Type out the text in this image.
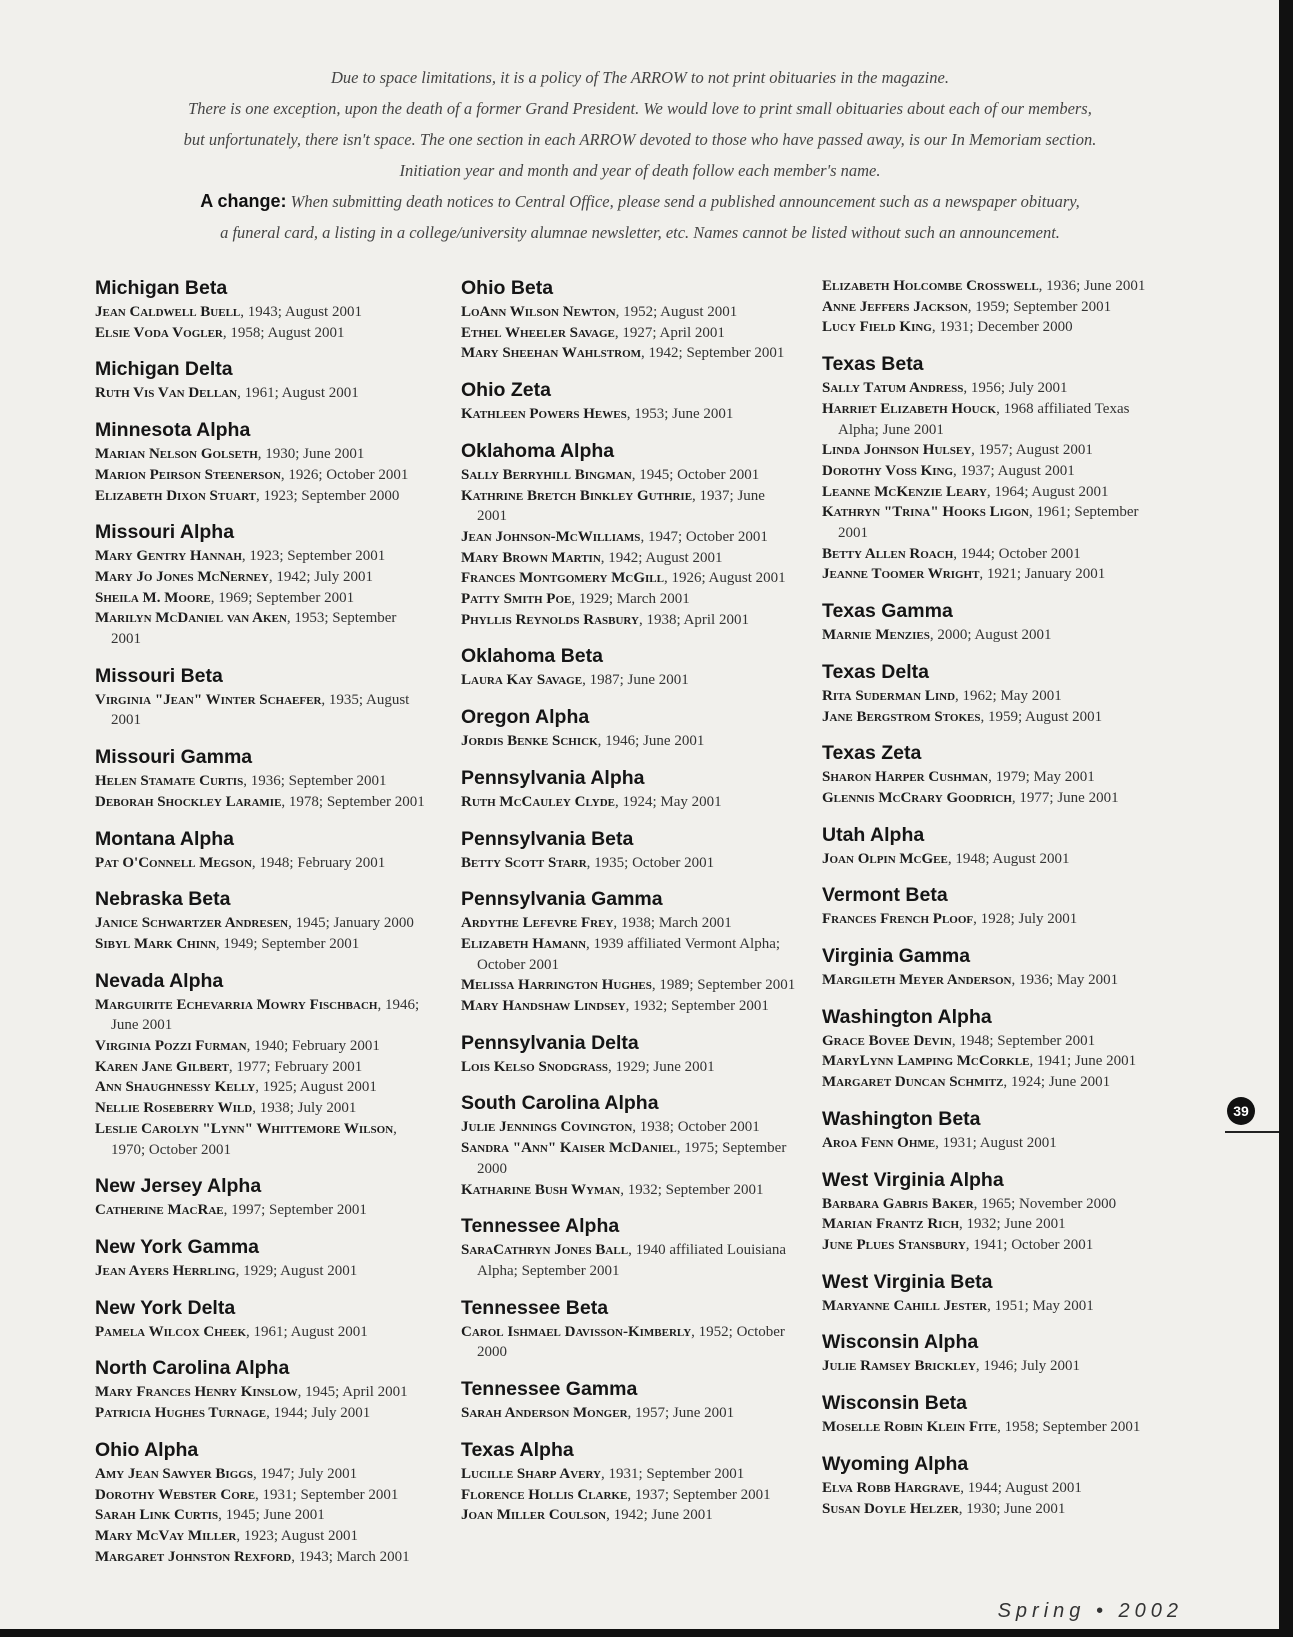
Due to space limitations, it is a policy of The ARROW to not print obituaries in the magazine.
There is one exception, upon the death of a former Grand President. We would love to print small obituaries about each of our members,
but unfortunately, there isn't space. The one section in each ARROW devoted to those who have passed away, is our In Memoriam section.
Initiation year and month and year of death follow each member's name.
A change: When submitting death notices to Central Office, please send a published announcement such as a newspaper obituary,
a funeral card, a listing in a college/university alumnae newsletter, etc. Names cannot be listed without such an announcement.
Michigan Beta
Jean Caldwell Buell, 1943; August 2001
Elsie Voda Vogler, 1958; August 2001
Michigan Delta
Ruth Vis Van Dellan, 1961; August 2001
Minnesota Alpha
Marian Nelson Golseth, 1930; June 2001
Marion Peirson Steenerson, 1926; October 2001
Elizabeth Dixon Stuart, 1923; September 2000
Missouri Alpha
Mary Gentry Hannah, 1923; September 2001
Mary Jo Jones McNerney, 1942; July 2001
Sheila M. Moore, 1969; September 2001
Marilyn McDaniel van Aken, 1953; September 2001
Missouri Beta
Virginia "Jean" Winter Schaefer, 1935; August 2001
Missouri Gamma
Helen Stamate Curtis, 1936; September 2001
Deborah Shockley Laramie, 1978; September 2001
Montana Alpha
Pat O'Connell Megson, 1948; February 2001
Nebraska Beta
Janice Schwartzer Andresen, 1945; January 2000
Sibyl Mark Chinn, 1949; September 2001
Nevada Alpha
Marguirite Echevarria Mowry Fischbach, 1946; June 2001
Virginia Pozzi Furman, 1940; February 2001
Karen Jane Gilbert, 1977; February 2001
Ann Shaughnessy Kelly, 1925; August 2001
Nellie Roseberry Wild, 1938; July 2001
Leslie Carolyn "Lynn" Whittemore Wilson, 1970; October 2001
New Jersey Alpha
Catherine MacRae, 1997; September 2001
New York Gamma
Jean Ayers Herrling, 1929; August 2001
New York Delta
Pamela Wilcox Cheek, 1961; August 2001
North Carolina Alpha
Mary Frances Henry Kinslow, 1945; April 2001
Patricia Hughes Turnage, 1944; July 2001
Ohio Alpha
Amy Jean Sawyer Biggs, 1947; July 2001
Dorothy Webster Core, 1931; September 2001
Sarah Link Curtis, 1945; June 2001
Mary McVay Miller, 1923; August 2001
Margaret Johnston Rexford, 1943; March 2001
Ohio Beta
LoAnn Wilson Newton, 1952; August 2001
Ethel Wheeler Savage, 1927; April 2001
Mary Sheehan Wahlstrom, 1942; September 2001
Ohio Zeta
Kathleen Powers Hewes, 1953; June 2001
Oklahoma Alpha
Sally Berryhill Bingman, 1945; October 2001
Kathrine Bretch Binkley Guthrie, 1937; June 2001
Jean Johnson-McWilliams, 1947; October 2001
Mary Brown Martin, 1942; August 2001
Frances Montgomery McGill, 1926; August 2001
Patty Smith Poe, 1929; March 2001
Phyllis Reynolds Rasbury, 1938; April 2001
Oklahoma Beta
Laura Kay Savage, 1987; June 2001
Oregon Alpha
Jordis Benke Schick, 1946; June 2001
Pennsylvania Alpha
Ruth McCauley Clyde, 1924; May 2001
Pennsylvania Beta
Betty Scott Starr, 1935; October 2001
Pennsylvania Gamma
Ardythe Lefevre Frey, 1938; March 2001
Elizabeth Hamann, 1939 affiliated Vermont Alpha; October 2001
Melissa Harrington Hughes, 1989; September 2001
Mary Handshaw Lindsey, 1932; September 2001
Pennsylvania Delta
Lois Kelso Snodgrass, 1929; June 2001
South Carolina Alpha
Julie Jennings Covington, 1938; October 2001
Sandra "Ann" Kaiser McDaniel, 1975; September 2000
Katharine Bush Wyman, 1932; September 2001
Tennessee Alpha
SaraCathryn Jones Ball, 1940 affiliated Louisiana Alpha; September 2001
Tennessee Beta
Carol Ishmael Davisson-Kimberly, 1952; October 2000
Tennessee Gamma
Sarah Anderson Monger, 1957; June 2001
Texas Alpha
Lucille Sharp Avery, 1931; September 2001
Florence Hollis Clarke, 1937; September 2001
Joan Miller Coulson, 1942; June 2001
Elizabeth Holcombe Crosswell, 1936; June 2001
Anne Jeffers Jackson, 1959; September 2001
Lucy Field King, 1931; December 2000
Texas Beta
Sally Tatum Andress, 1956; July 2001
Harriet Elizabeth Houck, 1968 affiliated Texas Alpha; June 2001
Linda Johnson Hulsey, 1957; August 2001
Dorothy Voss King, 1937; August 2001
Leanne McKenzie Leary, 1964; August 2001
Kathryn "Trina" Hooks Ligon, 1961; September 2001
Betty Allen Roach, 1944; October 2001
Jeanne Toomer Wright, 1921; January 2001
Texas Gamma
Marnie Menzies, 2000; August 2001
Texas Delta
Rita Suderman Lind, 1962; May 2001
Jane Bergstrom Stokes, 1959; August 2001
Texas Zeta
Sharon Harper Cushman, 1979; May 2001
Glennis McCrary Goodrich, 1977; June 2001
Utah Alpha
Joan Olpin McGee, 1948; August 2001
Vermont Beta
Frances French Ploof, 1928; July 2001
Virginia Gamma
Margileth Meyer Anderson, 1936; May 2001
Washington Alpha
Grace Bovee Devin, 1948; September 2001
MaryLynn Lamping McCorkle, 1941; June 2001
Margaret Duncan Schmitz, 1924; June 2001
Washington Beta
Aroa Fenn Ohme, 1931; August 2001
West Virginia Alpha
Barbara Gabris Baker, 1965; November 2000
Marian Frantz Rich, 1932; June 2001
June Plues Stansbury, 1941; October 2001
West Virginia Beta
Maryanne Cahill Jester, 1951; May 2001
Wisconsin Alpha
Julie Ramsey Brickley, 1946; July 2001
Wisconsin Beta
Moselle Robin Klein Fite, 1958; September 2001
Wyoming Alpha
Elva Robb Hargrave, 1944; August 2001
Susan Doyle Helzer, 1930; June 2001
39
Spring • 2002
